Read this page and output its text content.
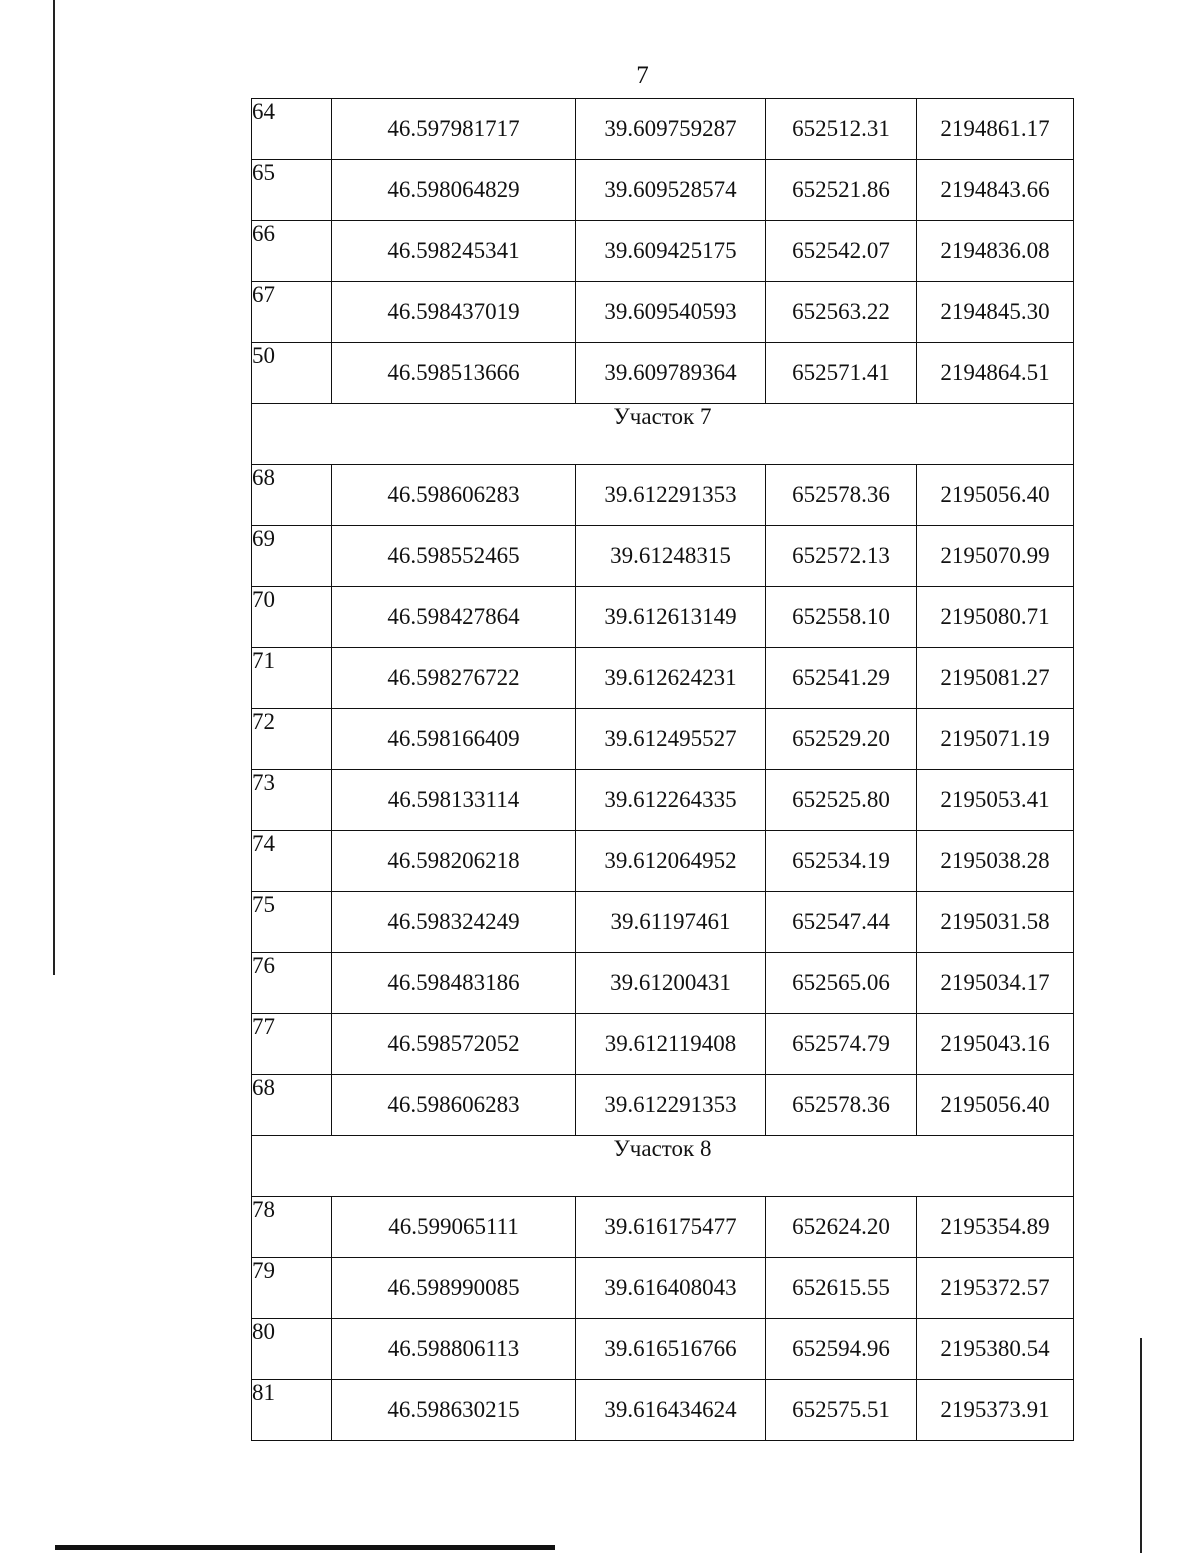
7
64	46.597981717	39.609759287	652512.31	2194861.17
65	46.598064829	39.609528574	652521.86	2194843.66
66	46.598245341	39.609425175	652542.07	2194836.08
67	46.598437019	39.609540593	652563.22	2194845.30
50	46.598513666	39.609789364	652571.41	2194864.51
Участок 7				
68	46.598606283	39.612291353	652578.36	2195056.40
69	46.598552465	39.61248315	652572.13	2195070.99
70	46.598427864	39.612613149	652558.10	2195080.71
71	46.598276722	39.612624231	652541.29	2195081.27
72	46.598166409	39.612495527	652529.20	2195071.19
73	46.598133114	39.612264335	652525.80	2195053.41
74	46.598206218	39.612064952	652534.19	2195038.28
75	46.598324249	39.61197461	652547.44	2195031.58
76	46.598483186	39.61200431	652565.06	2195034.17
77	46.598572052	39.612119408	652574.79	2195043.16
68	46.598606283	39.612291353	652578.36	2195056.40
Участок 8				
78	46.599065111	39.616175477	652624.20	2195354.89
79	46.598990085	39.616408043	652615.55	2195372.57
80	46.598806113	39.616516766	652594.96	2195380.54
81	46.598630215	39.616434624	652575.51	2195373.91
